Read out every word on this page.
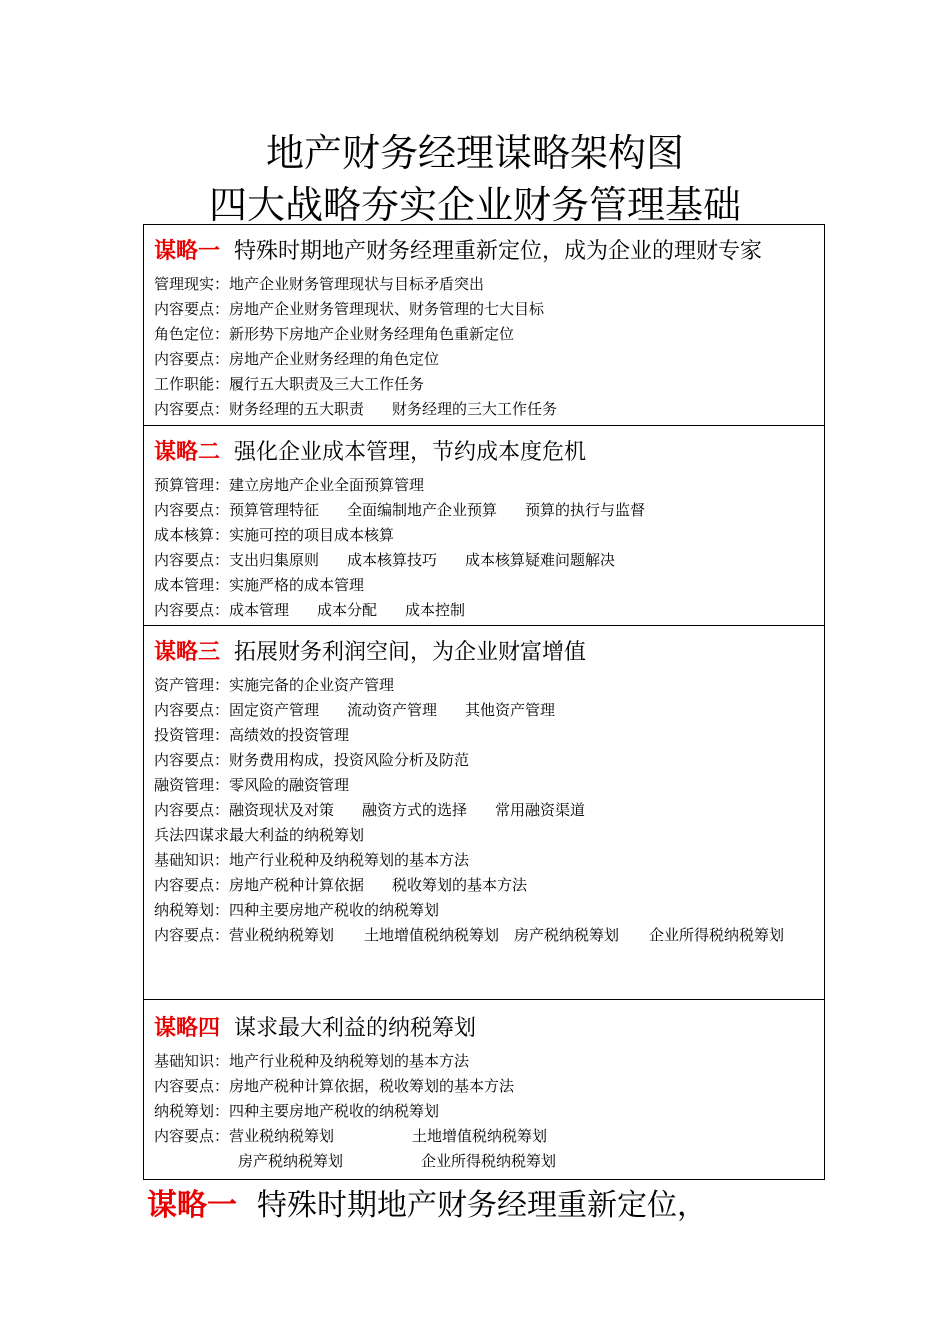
地产财务经理谋略架构图
四大战略夯实企业财务管理基础
谋略一 特殊时期地产财务经理重新定位，成为企业的理财专家
管理现实：地产企业财务管理现状与目标矛盾突出
内容要点：房地产企业财务管理现状、财务管理的七大目标
角色定位：新形势下房地产企业财务经理角色重新定位
内容要点：房地产企业财务经理的角色定位
工作职能：履行五大职责及三大工作任务
内容要点：财务经理的五大职责 财务经理的三大工作任务
谋略二 强化企业成本管理，节约成本度危机
预算管理：建立房地产企业全面预算管理
内容要点：预算管理特征 全面编制地产企业预算 预算的执行与监督
成本核算：实施可控的项目成本核算
内容要点：支出归集原则 成本核算技巧 成本核算疑难问题解决
成本管理：实施严格的成本管理
内容要点：成本管理 成本分配 成本控制
谋略三 拓展财务利润空间，为企业财富增值
资产管理：实施完备的企业资产管理
内容要点：固定资产管理 流动资产管理 其他资产管理
投资管理：高绩效的投资管理
内容要点：财务费用构成，投资风险分析及防范
融资管理：零风险的融资管理
内容要点：融资现状及对策 融资方式的选择 常用融资渠道
兵法四谋求最大利益的纳税筹划
基础知识：地产行业税种及纳税筹划的基本方法
内容要点：房地产税种计算依据 税收筹划的基本方法
纳税筹划：四种主要房地产税收的纳税筹划
内容要点：营业税纳税筹划　　土地增值税纳税筹划　房产税纳税筹划　　企业所得税纳税筹划
谋略四 谋求最大利益的纳税筹划
基础知识：地产行业税种及纳税筹划的基本方法
内容要点：房地产税种计算依据，税收筹划的基本方法
纳税筹划：四种主要房地产税收的纳税筹划
内容要点：营业税纳税筹划	土地增值税纳税筹划
房产税纳税筹划	企业所得税纳税筹划
谋略一 特殊时期地产财务经理重新定位，
